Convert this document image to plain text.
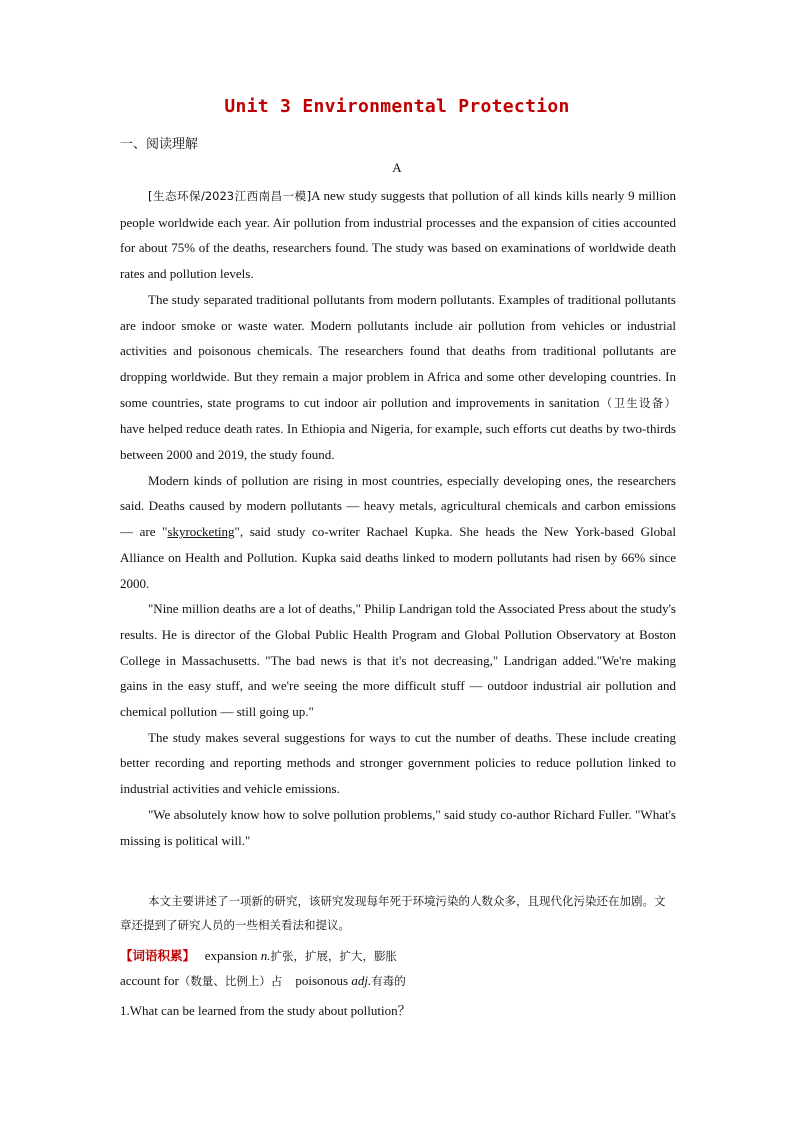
Unit 3 Environmental Protection
一、阅读理解
A

[生态环保/2023江西南昌一模]A new study suggests that pollution of all kinds kills nearly 9 million people worldwide each year. Air pollution from industrial processes and the expansion of cities accounted for about 75% of the deaths, researchers found. The study was based on examinations of worldwide death rates and pollution levels.

The study separated traditional pollutants from modern pollutants. Examples of traditional pollutants are indoor smoke or waste water. Modern pollutants include air pollution from vehicles or industrial activities and poisonous chemicals. The researchers found that deaths from traditional pollutants are dropping worldwide. But they remain a major problem in Africa and some other developing countries. In some countries, state programs to cut indoor air pollution and improvements in sanitation（卫生设备） have helped reduce death rates. In Ethiopia and Nigeria, for example, such efforts cut deaths by two-thirds between 2000 and 2019, the study found.

Modern kinds of pollution are rising in most countries, especially developing ones, the researchers said. Deaths caused by modern pollutants — heavy metals, agricultural chemicals and carbon emissions — are "skyrocketing", said study co-writer Rachael Kupka. She heads the New York-based Global Alliance on Health and Pollution. Kupka said deaths linked to modern pollutants had risen by 66% since 2000.

"Nine million deaths are a lot of deaths," Philip Landrigan told the Associated Press about the study's results. He is director of the Global Public Health Program and Global Pollution Observatory at Boston College in Massachusetts. "The bad news is that it's not decreasing," Landrigan added."We're making gains in the easy stuff, and we're seeing the more difficult stuff — outdoor industrial air pollution and chemical pollution — still going up."

The study makes several suggestions for ways to cut the number of deaths. These include creating better recording and reporting methods and stronger government policies to reduce pollution linked to industrial activities and vehicle emissions.

"We absolutely know how to solve pollution problems," said study co-author Richard Fuller. "What's missing is political will."

本文主要讲述了一项新的研究，该研究发现每年死于环境污染的人数众多，且现代化污染还在加剧。文章还提到了研究人员的一些相关看法和提议。
【词语积累】 expansion n.扩张，扩展，扩大，膨胀
account for（数量、比例上）占 poisonous adj.有毒的
1.What can be learned from the study about pollution？
